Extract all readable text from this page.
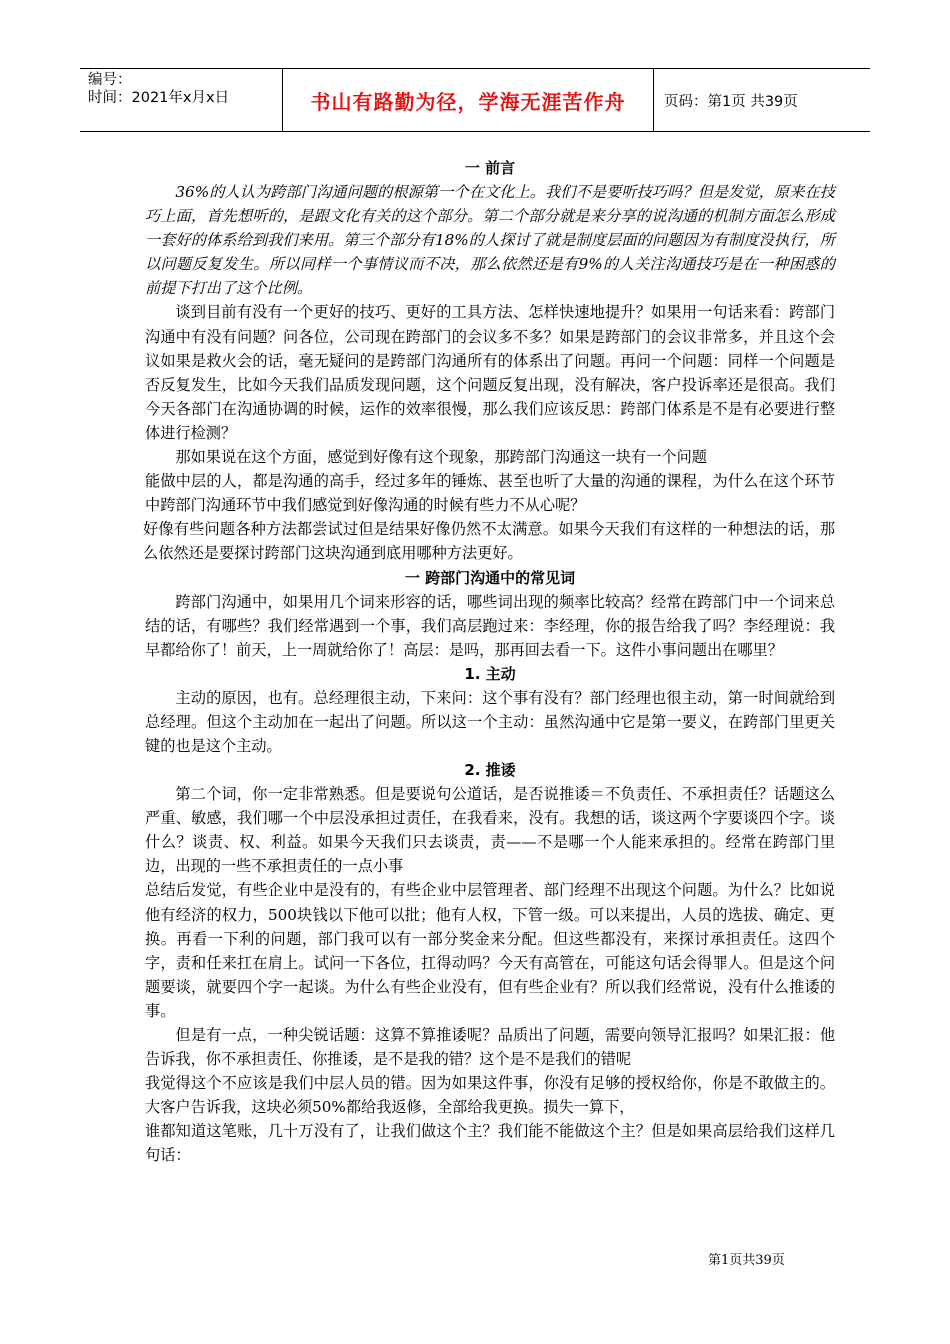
编号：
时间：2021年x月x日	书山有路勤为径，学海无涯苦作舟	页码：第1页 共39页
一 前言

36%的人认为跨部门沟通问题的根源第一个在文化上。我们不是要听技巧吗？但是发觉，原来在技巧上面，首先想听的，是跟文化有关的这个部分。第二个部分就是来分享的说沟通的机制方面怎么形成一套好的体系给到我们来用。第三个部分有18%的人探讨了就是制度层面的问题因为有制度没执行，所以问题反复发生。所以同样一个事情议而不决，那么依然还是有9%的人关注沟通技巧是在一种困惑的前提下打出了这个比例。

谈到目前有没有一个更好的技巧、更好的工具方法、怎样快速地提升？如果用一句话来看：跨部门沟通中有没有问题？问各位，公司现在跨部门的会议多不多？如果是跨部门的会议非常多，并且这个会议如果是救火会的话，毫无疑问的是跨部门沟通所有的体系出了问题。再问一个问题：同样一个问题是否反复发生，比如今天我们品质发现问题，这个问题反复出现，没有解决，客户投诉率还是很高。我们今天各部门在沟通协调的时候，运作的效率很慢，那么我们应该反思：跨部门体系是不是有必要进行整体进行检测？

那如果说在这个方面，感觉到好像有这个现象，那跨部门沟通这一块有一个问题

能做中层的人，都是沟通的高手，经过多年的锤炼、甚至也听了大量的沟通的课程，为什么在这个环节中跨部门沟通环节中我们感觉到好像沟通的时候有些力不从心呢？

好像有些问题各种方法都尝试过但是结果好像仍然不太满意。如果今天我们有这样的一种想法的话，那么依然还是要探讨跨部门这块沟通到底用哪种方法更好。

一 跨部门沟通中的常见词

跨部门沟通中，如果用几个词来形容的话，哪些词出现的频率比较高？经常在跨部门中一个词来总结的话，有哪些？我们经常遇到一个事，我们高层跑过来：李经理，你的报告给我了吗？李经理说：我早都给你了！前天，上一周就给你了！高层：是吗，那再回去看一下。这件小事问题出在哪里？

1. 主动

主动的原因，也有。总经理很主动，下来问：这个事有没有？部门经理也很主动，第一时间就给到总经理。但这个主动加在一起出了问题。所以这一个主动：虽然沟通中它是第一要义，在跨部门里更关键的也是这个主动。

2. 推诿

第二个词，你一定非常熟悉。但是要说句公道话，是否说推诿＝不负责任、不承担责任？话题这么严重、敏感，我们哪一个中层没承担过责任，在我看来，没有。我想的话，谈这两个字要谈四个字。谈什么？谈责、权、利益。如果今天我们只去谈责，责——不是哪一个人能来承担的。经常在跨部门里边，出现的一些不承担责任的一点小事

总结后发觉，有些企业中是没有的，有些企业中层管理者、部门经理不出现这个问题。为什么？比如说他有经济的权力，500块钱以下他可以批；他有人权，下管一级。可以来提出，人员的选拔、确定、更换。再看一下利的问题，部门我可以有一部分奖金来分配。但这些都没有，来探讨承担责任。这四个字，责和任来扛在肩上。试问一下各位，扛得动吗？今天有高管在，可能这句话会得罪人。但是这个问题要谈，就要四个字一起谈。为什么有些企业没有，但有些企业有？所以我们经常说，没有什么推诿的事。

但是有一点，一种尖锐话题：这算不算推诿呢？品质出了问题，需要向领导汇报吗？如果汇报：他告诉我，你不承担责任、你推诿，是不是我的错？这个是不是我们的错呢

我觉得这个不应该是我们中层人员的错。因为如果这件事，你没有足够的授权给你，你是不敢做主的。大客户告诉我，这块必须50%都给我返修，全部给我更换。损失一算下，

谁都知道这笔账，几十万没有了，让我们做这个主？我们能不能做这个主？但是如果高层给我们这样几句话：

第1页共39页
